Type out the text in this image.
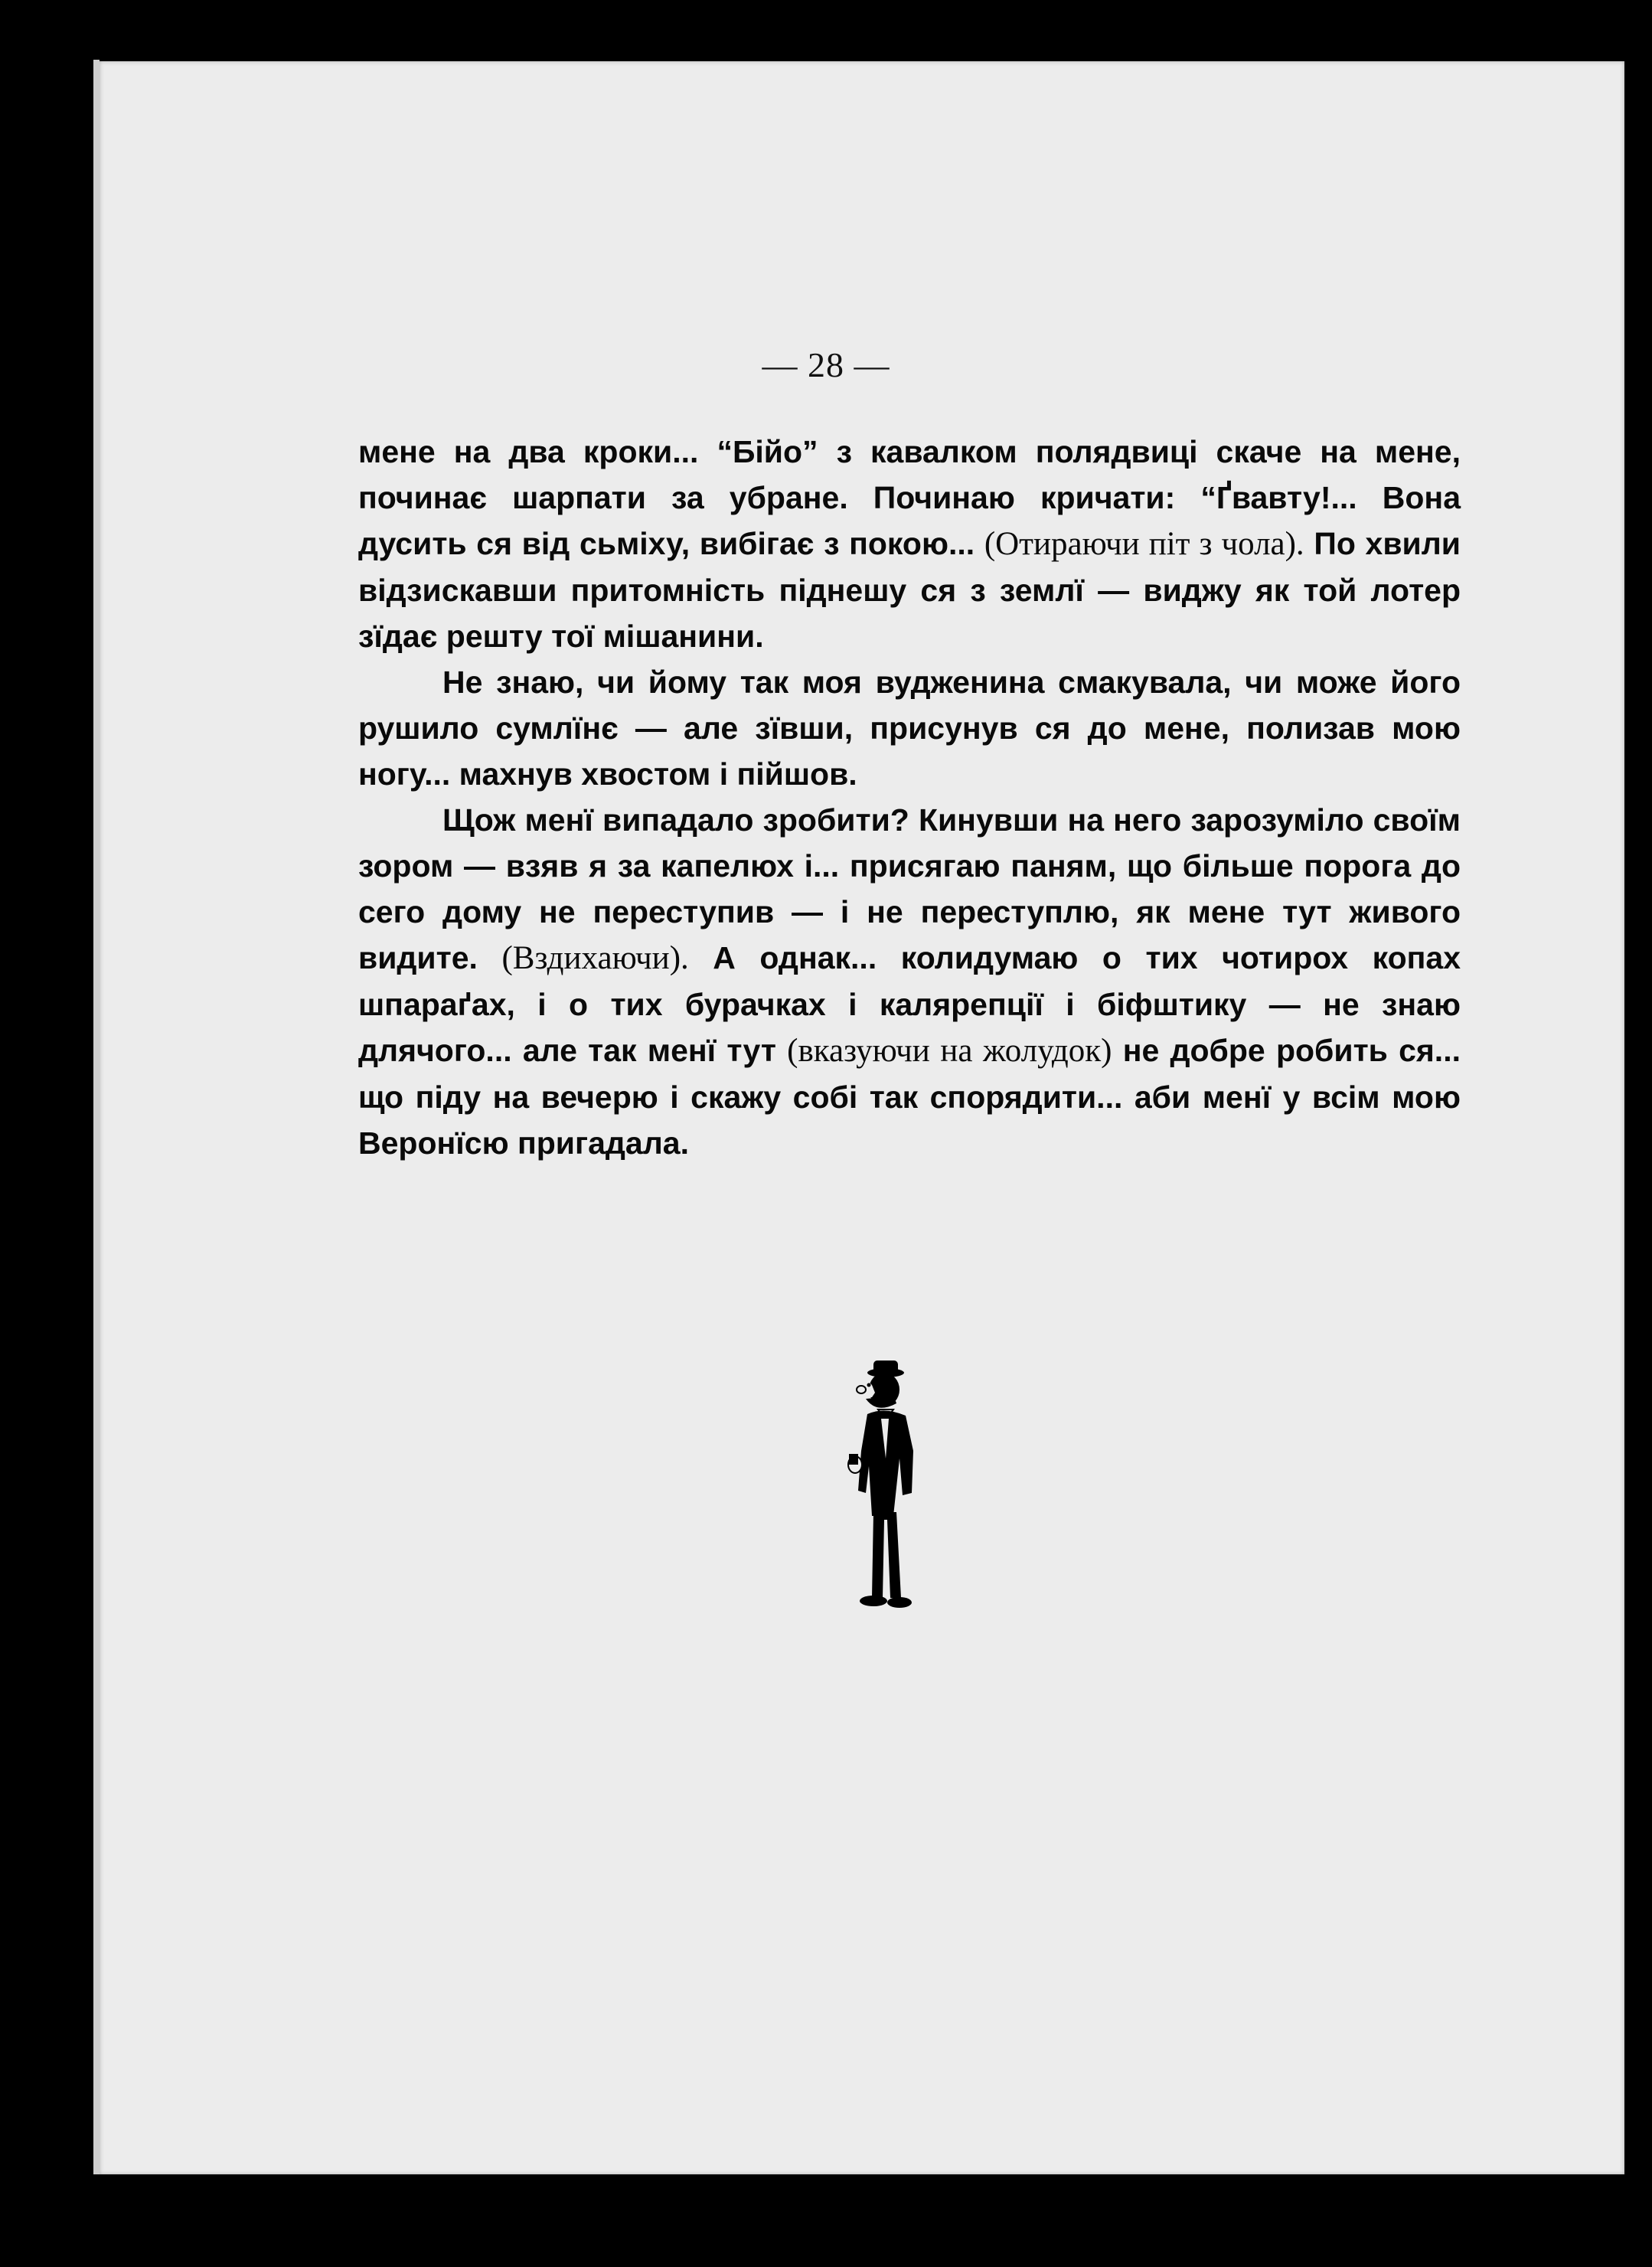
— 28 —

мене на два кроки... “Бійо” з кавалком полядвиці скаче на мене, починає шарпати за убране. Починаю кричати: “Ґвавту!... Вона дусить ся від сьміху, вибігає з покою... (Отираючи піт з чола). По хвили відзискавши притомність піднешу ся з землї — виджу як той лотер зїдає решту тої мішанини.

Не знаю, чи йому так моя вудженина смакувала, чи може його рушило сумлїнє — але зївши, присунув ся до мене, полизав мою ногу... махнув хвостом і пійшов.

Щож менї випадало зробити? Кинувши на него зарозуміло своїм зором — взяв я за капелюх і... присягаю паням, що більше порога до сего дому не переступив — і не переступлю, як мене тут живого видите. (Вздихаючи). А однак... колидумаю о тих чотирох копах шпараґах, і о тих бурачках і калярепції і біфштику — не знаю длячого... але так менї тут (вказуючи на жолудок) не добре робить ся... що піду на вечерю і скажу собі так спорядити... аби менї у всім мою Веронїсю пригадала.
